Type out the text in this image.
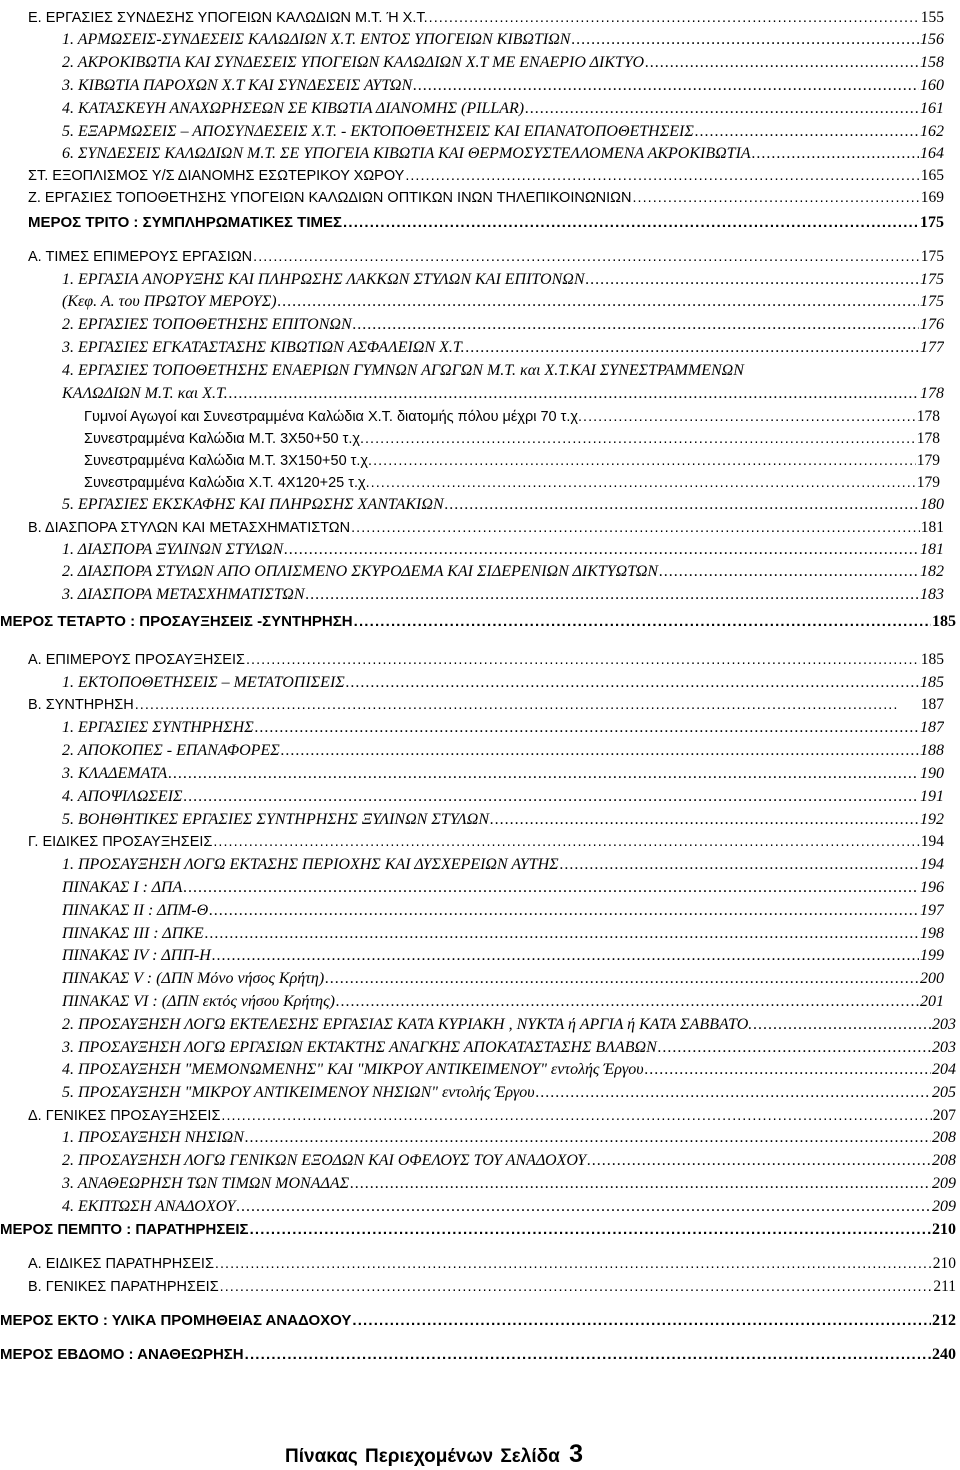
Ε. ΕΡΓΑΣΙΕΣ ΣΥΝΔΕΣΗΣ ΥΠΟΓΕΙΩΝ ΚΑΛΩΔΙΩΝ Μ.Τ. Ή Χ.Τ. . . .	155
1. ΑΡΜΩΣΕΙΣ-ΣΥΝΔΕΣΕΙΣ ΚΑΛΩΔΙΩΝ Χ.Τ. ΕΝΤΟΣ ΥΠΟΓΕΙΩΝ ΚΙΒΩΤΙΩΝ . . .	156
2. ΑΚΡΟΚΙΒΩΤΙΑ ΚΑΙ ΣΥΝΔΕΣΕΙΣ ΥΠΟΓΕΙΩΝ ΚΑΛΩΔΙΩΝ Χ.Τ ΜΕ ΕΝΑΕΡΙΟ ΔΙΚΤΥΟ . . .	158
3. ΚΙΒΩΤΙΑ ΠΑΡΟΧΩΝ Χ.Τ ΚΑΙ ΣΥΝΔΕΣΕΙΣ ΑΥΤΩΝ . . .	160
4. ΚΑΤΑΣΚΕΥΗ ΑΝΑΧΩΡΗΣΕΩΝ ΣΕ ΚΙΒΩΤΙΑ ΔΙΑΝΟΜΗΣ (PILLAR) . . .	161
5. ΕΞΑΡΜΩΣΕΙΣ – ΑΠΟΣΥΝΔΕΣΕΙΣ Χ.Τ. - ΕΚΤΟΠΟΘΕΤΗΣΕΙΣ ΚΑΙ ΕΠΑΝΑΤΟΠΟΘΕΤΗΣΕΙΣ . . .	162
6. ΣΥΝΔΕΣΕΙΣ ΚΑΛΩΔΙΩΝ Μ.Τ. ΣΕ ΥΠΟΓΕΙΑ ΚΙΒΩΤΙΑ ΚΑΙ ΘΕΡΜΟΣΥΣΤΕΛΛΟΜΕΝΑ ΑΚΡΟΚΙΒΩΤΙΑ . . .	164
ΣΤ. ΕΞΟΠΛΙΣΜΟΣ Υ/Σ ΔΙΑΝΟΜΗΣ ΕΣΩΤΕΡΙΚΟΥ ΧΩΡΟΥ . . .	165
Ζ. ΕΡΓΑΣΙΕΣ ΤΟΠΟΘΕΤΗΣΗΣ ΥΠΟΓΕΙΩΝ ΚΑΛΩΔΙΩΝ ΟΠΤΙΚΩΝ ΙΝΩΝ ΤΗΛΕΠΙΚΟΙΝΩΝΙΩΝ . . .	169
ΜΕΡΟΣ ΤΡΙΤΟ : ΣΥΜΠΛΗΡΩΜΑΤΙΚΕΣ ΤΙΜΕΣ . . .	175
Α. ΤΙΜΕΣ ΕΠΙΜΕΡΟΥΣ ΕΡΓΑΣΙΩΝ . . .	175
1. ΕΡΓΑΣΙΑ ΑΝΟΡΥΞΗΣ ΚΑΙ ΠΛΗΡΩΣΗΣ ΛΑΚΚΩΝ ΣΤΥΛΩΝ ΚΑΙ ΕΠΙΤΟΝΩΝ . . .	175
(Κεφ. Α. του ΠΡΩΤΟΥ ΜΕΡΟΥΣ) . . .	175
2. ΕΡΓΑΣΙΕΣ ΤΟΠΟΘΕΤΗΣΗΣ ΕΠΙΤΟΝΩΝ . . .	176
3. ΕΡΓΑΣΙΕΣ ΕΓΚΑΤΑΣΤΑΣΗΣ ΚΙΒΩΤΙΩΝ ΑΣΦΑΛΕΙΩΝ Χ.Τ. . . .	177
4. ΕΡΓΑΣΙΕΣ ΤΟΠΟΘΕΤΗΣΗΣ ΕΝΑΕΡΙΩΝ ΓΥΜΝΩΝ ΑΓΩΓΩΝ Μ.Τ. και Χ.Τ.ΚΑΙ ΣΥΝΕΣΤΡΑΜΜΕΝΩΝ
ΚΑΛΩΔΙΩΝ Μ.Τ. και Χ.Τ. . . .	178
Γυμνοί Αγωγοί και Συνεστραμμένα Καλώδια Χ.Τ. διατομής πόλου μέχρι 70 τ.χ. . . .	178
Συνεστραμμένα Καλώδια Μ.Τ. 3Χ50+50 τ.χ. . . .	178
Συνεστραμμένα Καλώδια Μ.Τ. 3Χ150+50 τ.χ. . . .	179
Συνεστραμμένα Καλώδια Χ.Τ. 4Χ120+25 τ.χ. . . .	179
5. ΕΡΓΑΣΙΕΣ ΕΚΣΚΑΦΗΣ ΚΑΙ ΠΛΗΡΩΣΗΣ ΧΑΝΤΑΚΙΩΝ . . .	180
Β. ΔΙΑΣΠΟΡΑ ΣΤΥΛΩΝ ΚΑΙ ΜΕΤΑΣΧΗΜΑΤΙΣΤΩΝ . . .	181
1. ΔΙΑΣΠΟΡΑ ΞΥΛΙΝΩΝ ΣΤΥΛΩΝ . . .	181
2. ΔΙΑΣΠΟΡΑ ΣΤΥΛΩΝ ΑΠΟ ΟΠΛΙΣΜΕΝΟ ΣΚΥΡΟΔΕΜΑ ΚΑΙ ΣΙΔΕΡΕΝΙΩΝ ΔΙΚΤΥΩΤΩΝ . . .	182
3. ΔΙΑΣΠΟΡΑ ΜΕΤΑΣΧΗΜΑΤΙΣΤΩΝ . . .	183
ΜΕΡΟΣ ΤΕΤΑΡΤΟ : ΠΡΟΣΑΥΞΗΣΕΙΣ -ΣΥΝΤΗΡΗΣΗ . . .	185
Α. ΕΠΙΜΕΡΟΥΣ ΠΡΟΣΑΥΞΗΣΕΙΣ . . .	185
1. ΕΚΤΟΠΟΘΕΤΗΣΕΙΣ – ΜΕΤΑΤΟΠΙΣΕΙΣ . . .	185
Β. ΣΥΝΤΗΡΗΣΗ . . .	187
1. ΕΡΓΑΣΙΕΣ ΣΥΝΤΗΡΗΣΗΣ . . .	187
2. ΑΠΟΚΟΠΕΣ - ΕΠΑΝΑΦΟΡΕΣ . . .	188
3. ΚΛΑΔΕΜΑΤΑ . . .	190
4. ΑΠΟΨΙΛΩΣΕΙΣ . . .	191
5. ΒΟΗΘΗΤΙΚΕΣ ΕΡΓΑΣΙΕΣ ΣΥΝΤΗΡΗΣΗΣ ΞΥΛΙΝΩΝ ΣΤΥΛΩΝ . . .	192
Γ. ΕΙΔΙΚΕΣ ΠΡΟΣΑΥΞΗΣΕΙΣ . . .	194
1. ΠΡΟΣΑΥΞΗΣΗ ΛΟΓΩ ΕΚΤΑΣΗΣ ΠΕΡΙΟΧΗΣ ΚΑΙ ΔΥΣΧΕΡΕΙΩΝ ΑΥΤΗΣ . . .	194
ΠΙΝΑΚΑΣ Ι : ΔΠΑ . . .	196
ΠΙΝΑΚΑΣ ΙΙ : ΔΠΜ-Θ . . .	197
ΠΙΝΑΚΑΣ ΙΙΙ : ΔΠΚΕ . . .	198
ΠΙΝΑΚΑΣ ΙV : ΔΠΠ-Η . . .	199
ΠΙΝΑΚΑΣ V : (ΔΠΝ Μόνο νήσος Κρήτη) . . .	200
ΠΙΝΑΚΑΣ VΙ : (ΔΠΝ εκτός νήσου Κρήτης) . . .	201
2. ΠΡΟΣΑΥΞΗΣΗ ΛΟΓΩ ΕΚΤΕΛΕΣΗΣ ΕΡΓΑΣΙΑΣ ΚΑΤΑ ΚΥΡΙΑΚΗ , ΝΥΚΤΑ ή ΑΡΓΙΑ ή ΚΑΤΑ ΣΑΒΒΑΤΟ. . . .	203
3. ΠΡΟΣΑΥΞΗΣΗ ΛΟΓΩ ΕΡΓΑΣΙΩΝ ΕΚΤΑΚΤΗΣ ΑΝΑΓΚΗΣ ΑΠΟΚΑΤΑΣΤΑΣΗΣ ΒΛΑΒΩΝ . . .	203
4. ΠΡΟΣΑΥΞΗΣΗ "ΜΕΜΟΝΩΜΕΝΗΣ" ΚΑΙ "ΜΙΚΡΟΥ ΑΝΤΙΚΕΙΜΕΝΟΥ" εντολής Έργου . . .	204
5. ΠΡΟΣΑΥΞΗΣΗ "ΜΙΚΡΟΥ ΑΝΤΙΚΕΙΜΕΝΟΥ ΝΗΣΙΩΝ" εντολής Έργου . . .	205
Δ. ΓΕΝΙΚΕΣ ΠΡΟΣΑΥΞΗΣΕΙΣ . . .	207
1. ΠΡΟΣΑΥΞΗΣΗ ΝΗΣΙΩΝ . . .	208
2. ΠΡΟΣΑΥΞΗΣΗ ΛΟΓΩ ΓΕΝΙΚΩΝ ΕΞΟΔΩΝ ΚΑΙ ΟΦΕΛΟΥΣ ΤΟΥ ΑΝΑΔΟΧΟΥ . . .	208
3. ΑΝΑΘΕΩΡΗΣΗ ΤΩΝ ΤΙΜΩΝ ΜΟΝΑΔΑΣ . . .	209
4. ΕΚΠΤΩΣΗ ΑΝΑΔΟΧΟΥ . . .	209
ΜΕΡΟΣ ΠΕΜΠΤΟ : ΠΑΡΑΤΗΡΗΣΕΙΣ . . .	210
Α. ΕΙΔΙΚΕΣ ΠΑΡΑΤΗΡΗΣΕΙΣ . . .	210
Β. ΓΕΝΙΚΕΣ ΠΑΡΑΤΗΡΗΣΕΙΣ . . .	211
ΜΕΡΟΣ ΕΚΤΟ : ΥΛΙΚΑ ΠΡΟΜΗΘΕΙΑΣ ΑΝΑΔΟΧΟΥ . . .	212
ΜΕΡΟΣ ΕΒΔΟΜΟ : ΑΝΑΘΕΩΡΗΣΗ . . .	240
Πίνακας Περιεχομένων Σελίδα 3
